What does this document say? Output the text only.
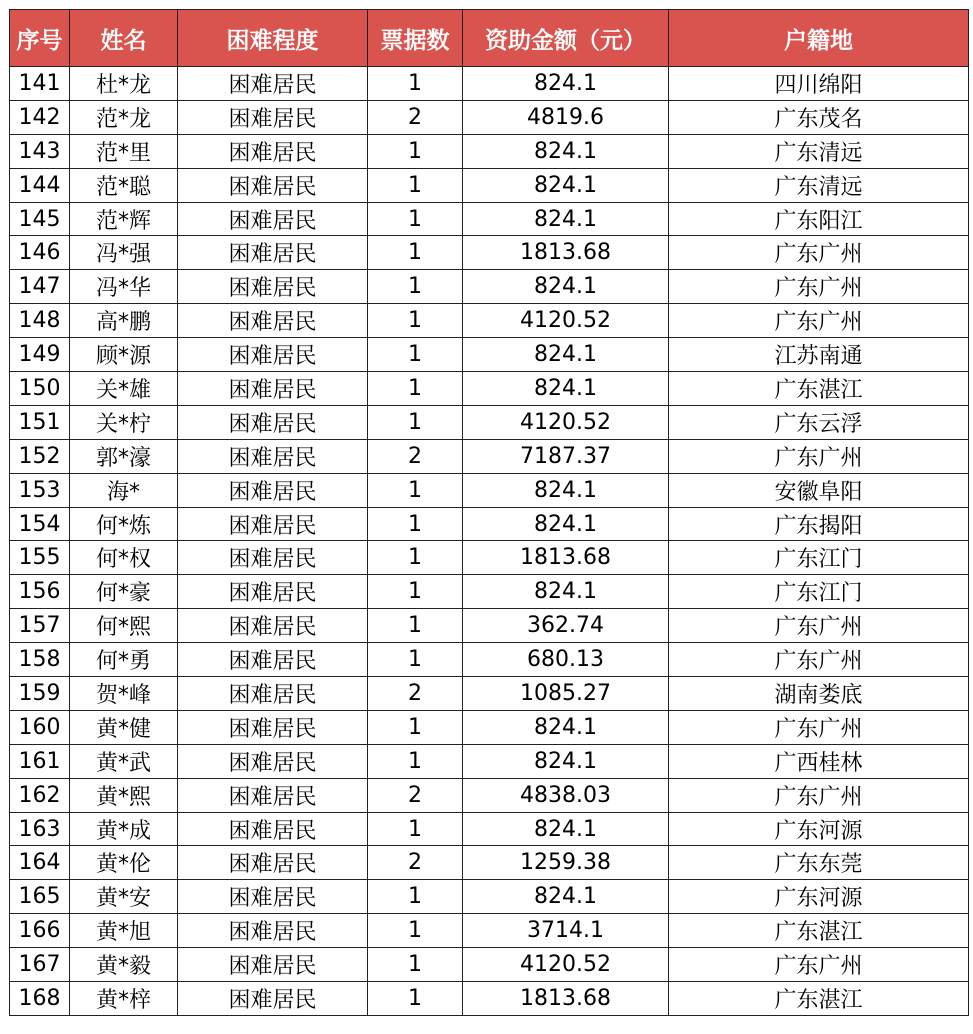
序号	姓名	困难程度	票据数	资助金额（元）	户籍地
141	杜*龙	困难居民	1	824.1	四川绵阳
142	范*龙	困难居民	2	4819.6	广东茂名
143	范*里	困难居民	1	824.1	广东清远
144	范*聪	困难居民	1	824.1	广东清远
145	范*辉	困难居民	1	824.1	广东阳江
146	冯*强	困难居民	1	1813.68	广东广州
147	冯*华	困难居民	1	824.1	广东广州
148	高*鹏	困难居民	1	4120.52	广东广州
149	顾*源	困难居民	1	824.1	江苏南通
150	关*雄	困难居民	1	824.1	广东湛江
151	关*柠	困难居民	1	4120.52	广东云浮
152	郭*濠	困难居民	2	7187.37	广东广州
153	海*	困难居民	1	824.1	安徽阜阳
154	何*炼	困难居民	1	824.1	广东揭阳
155	何*权	困难居民	1	1813.68	广东江门
156	何*豪	困难居民	1	824.1	广东江门
157	何*熙	困难居民	1	362.74	广东广州
158	何*勇	困难居民	1	680.13	广东广州
159	贺*峰	困难居民	2	1085.27	湖南娄底
160	黄*健	困难居民	1	824.1	广东广州
161	黄*武	困难居民	1	824.1	广西桂林
162	黄*熙	困难居民	2	4838.03	广东广州
163	黄*成	困难居民	1	824.1	广东河源
164	黄*伦	困难居民	2	1259.38	广东东莞
165	黄*安	困难居民	1	824.1	广东河源
166	黄*旭	困难居民	1	3714.1	广东湛江
167	黄*毅	困难居民	1	4120.52	广东广州
168	黄*梓	困难居民	1	1813.68	广东湛江
